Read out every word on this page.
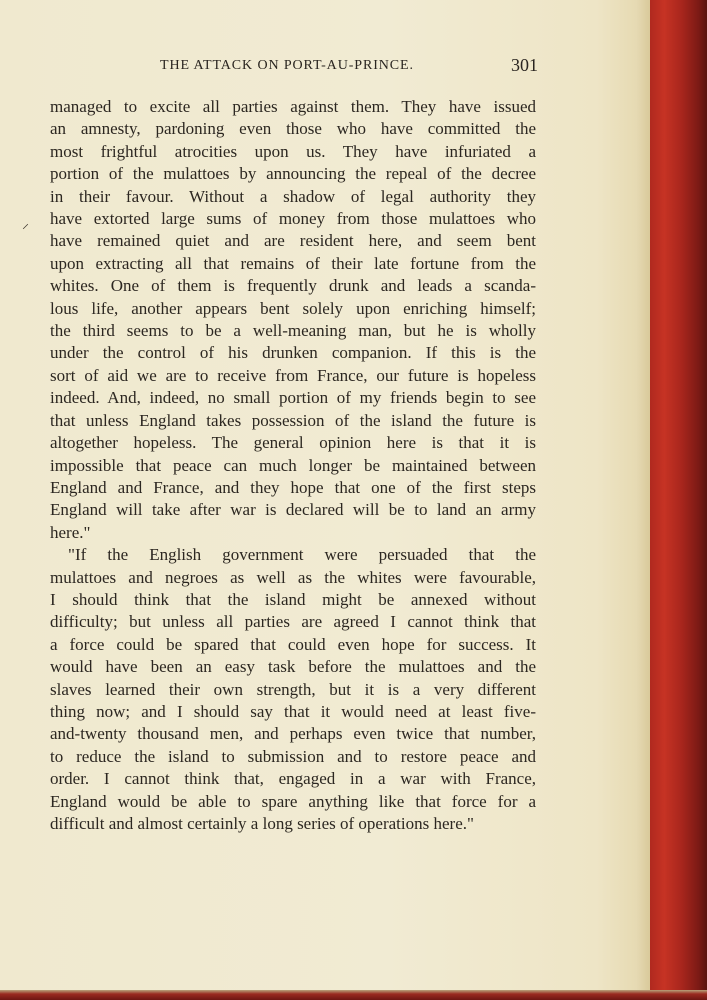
THE ATTACK ON PORT-AU-PRINCE.	301
⸝
managed to excite all parties against them. They have issued
an amnesty, pardoning even those who have committed the
most frightful atrocities upon us. They have infuriated a
portion of the mulattoes by announcing the repeal of the decree
in their favour. Without a shadow of legal authority they
have extorted large sums of money from those mulattoes who
have remained quiet and are resident here, and seem bent
upon extracting all that remains of their late fortune from the
whites. One of them is frequently drunk and leads a scanda-
lous life, another appears bent solely upon enriching himself;
the third seems to be a well-meaning man, but he is wholly
under the control of his drunken companion. If this is the
sort of aid we are to receive from France, our future is hopeless
indeed. And, indeed, no small portion of my friends begin to see
that unless England takes possession of the island the future is
altogether hopeless. The general opinion here is that it is
impossible that peace can much longer be maintained between
England and France, and they hope that one of the first steps
England will take after war is declared will be to land an army
here."
"If the English government were persuaded that the
mulattoes and negroes as well as the whites were favourable,
I should think that the island might be annexed without
difficulty; but unless all parties are agreed I cannot think that
a force could be spared that could even hope for success. It
would have been an easy task before the mulattoes and the
slaves learned their own strength, but it is a very different
thing now; and I should say that it would need at least five-
and-twenty thousand men, and perhaps even twice that number,
to reduce the island to submission and to restore peace and
order. I cannot think that, engaged in a war with France,
England would be able to spare anything like that force for a
difficult and almost certainly a long series of operations here."
